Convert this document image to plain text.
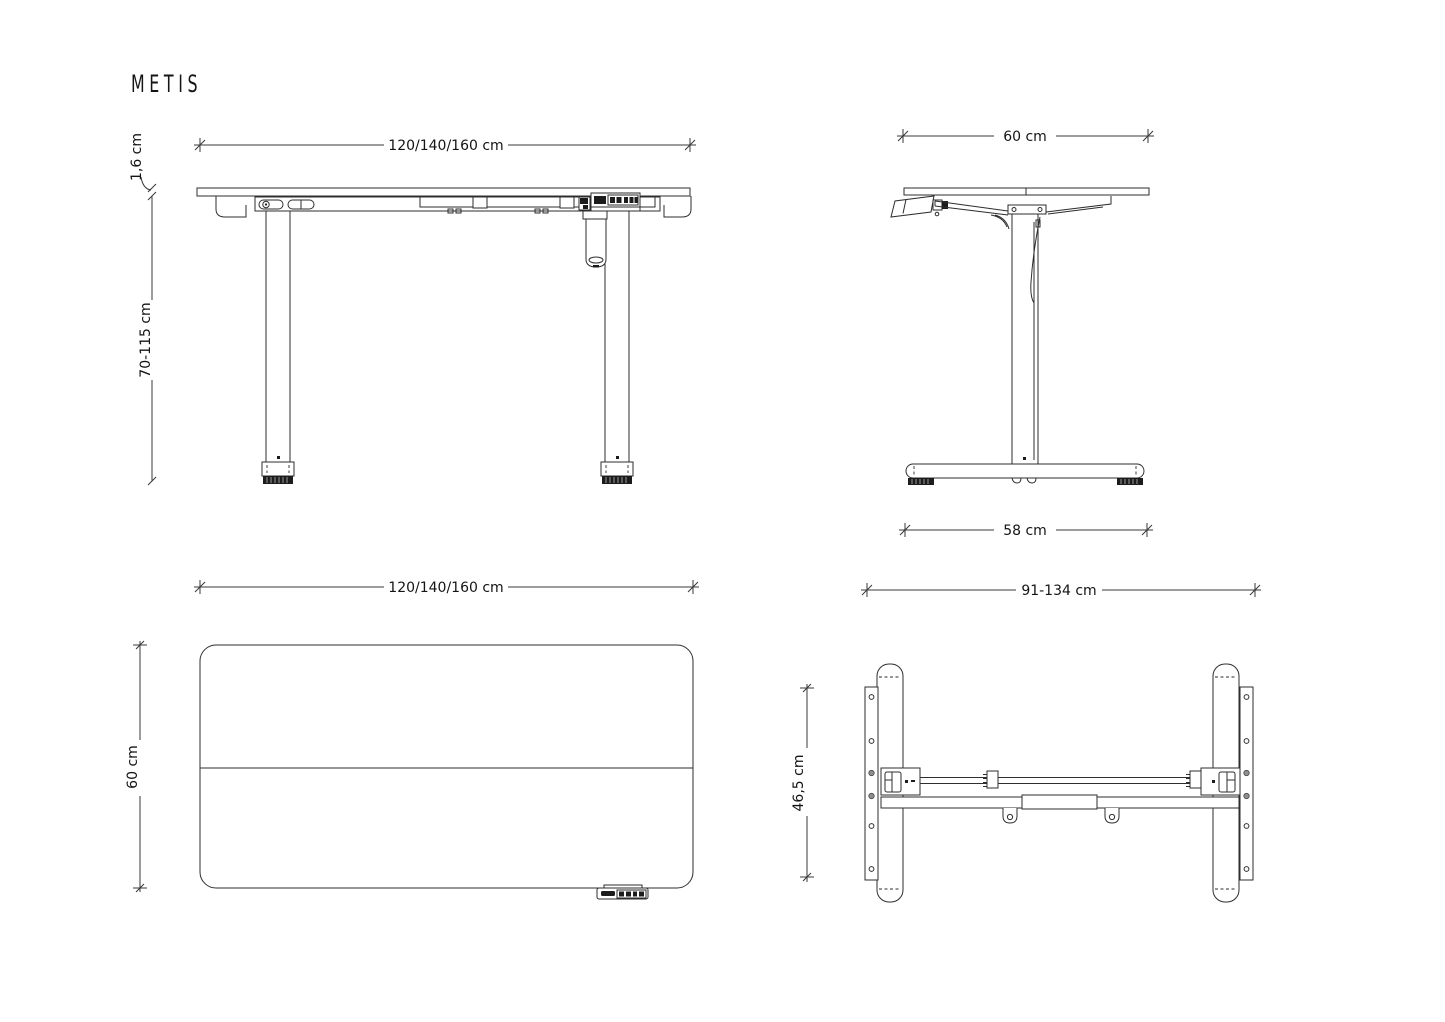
METIS
120/140/160 cm
1,6 cm
70-115 cm
60 cm
58 cm
120/140/160 cm
60 cm
91-134 cm
46,5 cm
